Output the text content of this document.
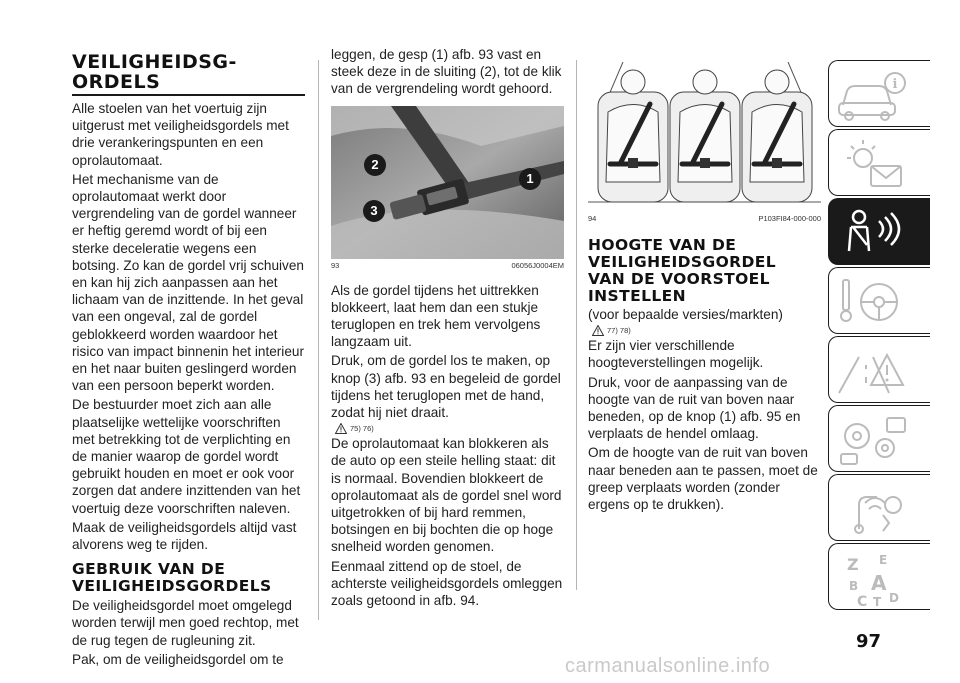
VEILIGHEIDSG-
ORDELS

Alle stoelen van het voertuig zijn uitgerust met veiligheidsgordels met drie verankeringspunten en een oprolautomaat.

Het mechanisme van de oprolautomaat werkt door vergrendeling van de gordel wanneer er heftig geremd wordt of bij een sterke deceleratie wegens een botsing. Zo kan de gordel vrij schuiven en kan hij zich aanpassen aan het lichaam van de inzittende. In het geval van een ongeval, zal de gordel geblokkeerd worden waardoor het risico van impact binnenin het interieur en het naar buiten geslingerd worden van een persoon beperkt worden.

De bestuurder moet zich aan alle plaatselijke wettelijke voorschriften met betrekking tot de verplichting en de manier waarop de gordel wordt gebruikt houden en moet er ook voor zorgen dat andere inzittenden van het voertuig deze voorschriften naleven.

Maak de veiligheidsgordels altijd vast alvorens weg te rijden.

GEBRUIK VAN DE
VEILIGHEIDSGORDELS

De veiligheidsgordel moet omgelegd worden terwijl men goed rechtop, met de rug tegen de rugleuning zit.

Pak, om de veiligheidsgordel om te

leggen, de gesp (1) afb. 93 vast en steek deze in de sluiting (2), tot de klik van de vergrendeling wordt gehoord.

2
1
3
93	06056J0004EM

Als de gordel tijdens het uittrekken blokkeert, laat hem dan een stukje teruglopen en trek hem vervolgens langzaam uit.

Druk, om de gordel los te maken, op knop (3) afb. 93 en begeleid de gordel tijdens het teruglopen met de hand, zodat hij niet draait.

75) 76)

De oprolautomaat kan blokkeren als de auto op een steile helling staat: dit is normaal. Bovendien blokkeert de oprolautomaat als de gordel snel word uitgetrokken of bij hard remmen, botsingen en bij bochten die op hoge snelheid worden genomen.

Eenmaal zittend op de stoel, de achterste veiligheidsgordels omleggen zoals getoond in afb. 94.

94	P103FI84-000-000
HOOGTE VAN DE
VEILIGHEIDSGORDEL
VAN DE VOORSTOEL
INSTELLEN

(voor bepaalde versies/markten)

77) 78)

Er zijn vier verschillende hoogteverstellingen mogelijk.

Druk, voor de aanpassing van de hoogte van de ruit van boven naar beneden, op de knop (1) afb. 95 en verplaats de hendel omlaag.

Om de hoogte van de ruit van boven naar beneden aan te passen, moet de greep verplaats worden (zonder ergens op te drukken).

i
Z E
B A
C T D
97
carmanualsonline.info
